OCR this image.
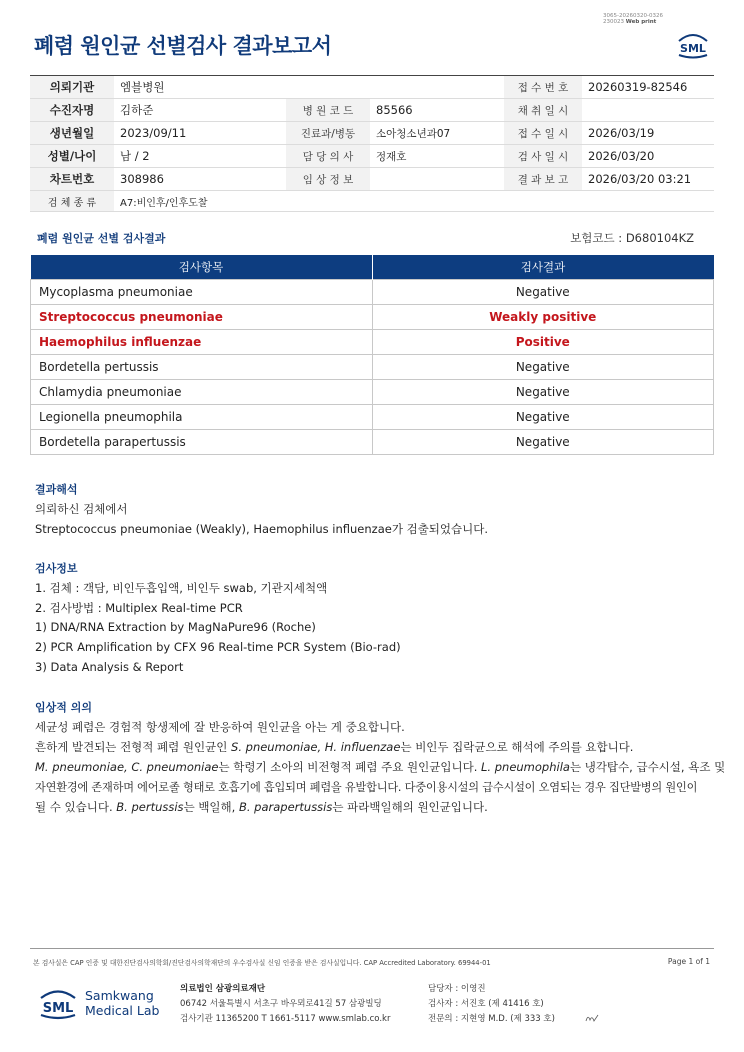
3065-20260320-0326
230023 Web print
폐렴 원인균 선별검사 결과보고서	SML
의뢰기관	엠블병원			접 수 번 호	20260319-82546
수진자명	김하준	병 원 코 드	85566	채 취 일 시	
생년월일	2023/09/11	진료과/병동	소아청소년과07	접 수 일 시	2026/03/19
성별/나이	남 / 2	담 당 의 사	정재호	검 사 일 시	2026/03/20
차트번호	308986	임 상 정 보		결 과 보 고	2026/03/20 03:21
검 체 종 류	A7:비인후/인후도찰				
폐렴 원인균 선별 검사결과	보험코드 : D680104KZ
검사항목	검사결과
Mycoplasma pneumoniae	Negative
Streptococcus pneumoniae	Weakly positive
Haemophilus influenzae	Positive
Bordetella pertussis	Negative
Chlamydia pneumoniae	Negative
Legionella pneumophila	Negative
Bordetella parapertussis	Negative
결과해석
의뢰하신 검체에서
Streptococcus pneumoniae (Weakly), Haemophilus influenzae가 검출되었습니다.
검사정보
1. 검체 : 객담, 비인두흡입액, 비인두 swab, 기관지세척액
2. 검사방법 : Multiplex Real-time PCR
1) DNA/RNA Extraction by MagNaPure96 (Roche)
2) PCR Amplification by CFX 96 Real-time PCR System (Bio-rad)
3) Data Analysis & Report
임상적 의의
세균성 폐렴은 경험적 항생제에 잘 반응하여 원인균을 아는 게 중요합니다.
흔하게 발견되는 전형적 폐렴 원인균인 S. pneumoniae, H. influenzae는 비인두 집락균으로 해석에 주의를 요합니다.
M. pneumoniae, C. pneumoniae는 학령기 소아의 비전형적 폐렴 주요 원인균입니다. L. pneumophila는 냉각탑수, 급수시설, 욕조 및
자연환경에 존재하며 에어로졸 형태로 호흡기에 흡입되며 폐렴을 유발합니다. 다중이용시설의 급수시설이 오염되는 경우 집단발병의 원인이
될 수 있습니다. B. pertussis는 백일해, B. parapertussis는 파라백일해의 원인균입니다.
본 검사실은 CAP 인증 및 대한진단검사의학회/진단검사의학재단의 우수검사실 신임 인증을 받은 검사실입니다. CAP Accredited Laboratory. 69944-01	Page 1 of 1
SML
Samkwang
Medical Lab
의료법인 삼광의료재단
06742 서울특별시 서초구 바우뫼로41길 57 삼광빌딩
검사기관 11365200 T 1661-5117 www.smlab.co.kr
담당자 : 이영진
검사자 : 서진호 (제 41416 호)
전문의 : 지현영 M.D. (제 333 호)
